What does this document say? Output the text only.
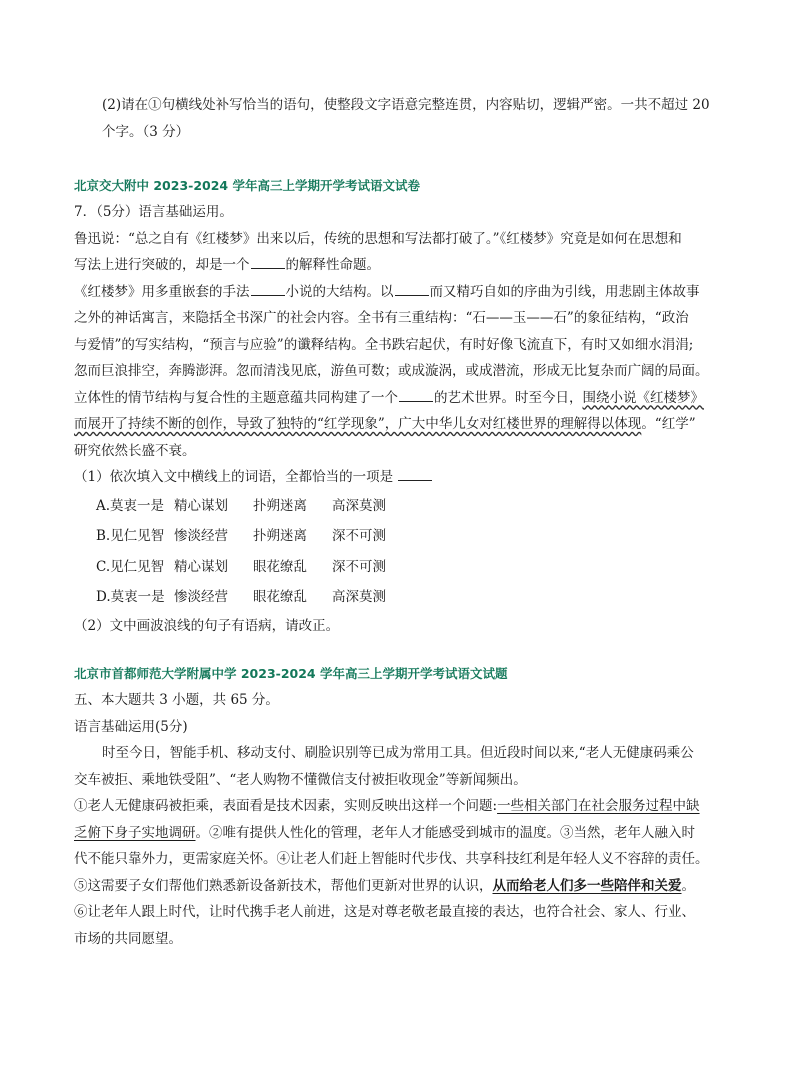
(2)请在①句横线处补写恰当的语句，使整段文字语意完整连贯，内容贴切，逻辑严密。一共不超过 20

个字。（3 分）

北京交大附中 2023-2024 学年高三上学期开学考试语文试卷

7．（5分）语言基础运用。

鲁迅说：“总之自有《红楼梦》出来以后，传统的思想和写法都打破了。”《红楼梦》究竟是如何在思想和

写法上进行突破的，却是一个	的解释性命题。

《红楼梦》用多重嵌套的手法	小说的大结构。以	而又精巧自如的序曲为引线，用悲剧主体故事

之外的神话寓言，来隐括全书深广的社会内容。全书有三重结构：“石——玉——石”的象征结构，“政治

与爱情”的写实结构，“预言与应验”的谶释结构。全书跌宕起伏，有时好像飞流直下，有时又如细水涓涓;

忽而巨浪排空，奔腾澎湃。忽而清浅见底，游鱼可数；或成漩涡，或成潜流，形成无比复杂而广阔的局面。

立体性的情节结构与复合性的主题意蕴共同构建了一个	的艺术世界。时至今日，围绕小说《红楼梦》

而展开了持续不断的创作，导致了独特的“红学现象”，广大中华儿女对红楼世界的理解得以体现。“红学”

研究依然长盛不衰。

（1）依次填入文中横线上的词语，全都恰当的一项是

A.莫衷一是 精心谋划	扑朔迷离	高深莫测
B.见仁见智 惨淡经营	扑朔迷离	深不可测
C.见仁见智 精心谋划	眼花缭乱	深不可测
D.莫衷一是 惨淡经营	眼花缭乱	高深莫测

（2）文中画波浪线的句子有语病，请改正。

北京市首都师范大学附属中学 2023-2024 学年高三上学期开学考试语文试题

五、本大题共 3 小题，共 65 分。

语言基础运用(5分)

时至今日，智能手机、移动支付、刷脸识别等已成为常用工具。但近段时间以来,“老人无健康码乘公

交车被拒、乘地铁受阻”、“老人购物不懂微信支付被拒收现金”等新闻频出。

①老人无健康码被拒乘，表面看是技术因素，实则反映出这样一个问题:一些相关部门在社会服务过程中缺

乏俯下身子实地调研。②唯有提供人性化的管理，老年人才能感受到城市的温度。③当然，老年人融入时

代不能只靠外力，更需家庭关怀。④让老人们赶上智能时代步伐、共享科技红利是年轻人义不容辞的责任。

⑤这需要子女们帮他们熟悉新设备新技术，帮他们更新对世界的认识，从而给老人们多一些陪伴和关爱。

⑥让老年人跟上时代，让时代携手老人前进，这是对尊老敬老最直接的表达，也符合社会、家人、行业、

市场的共同愿望。
